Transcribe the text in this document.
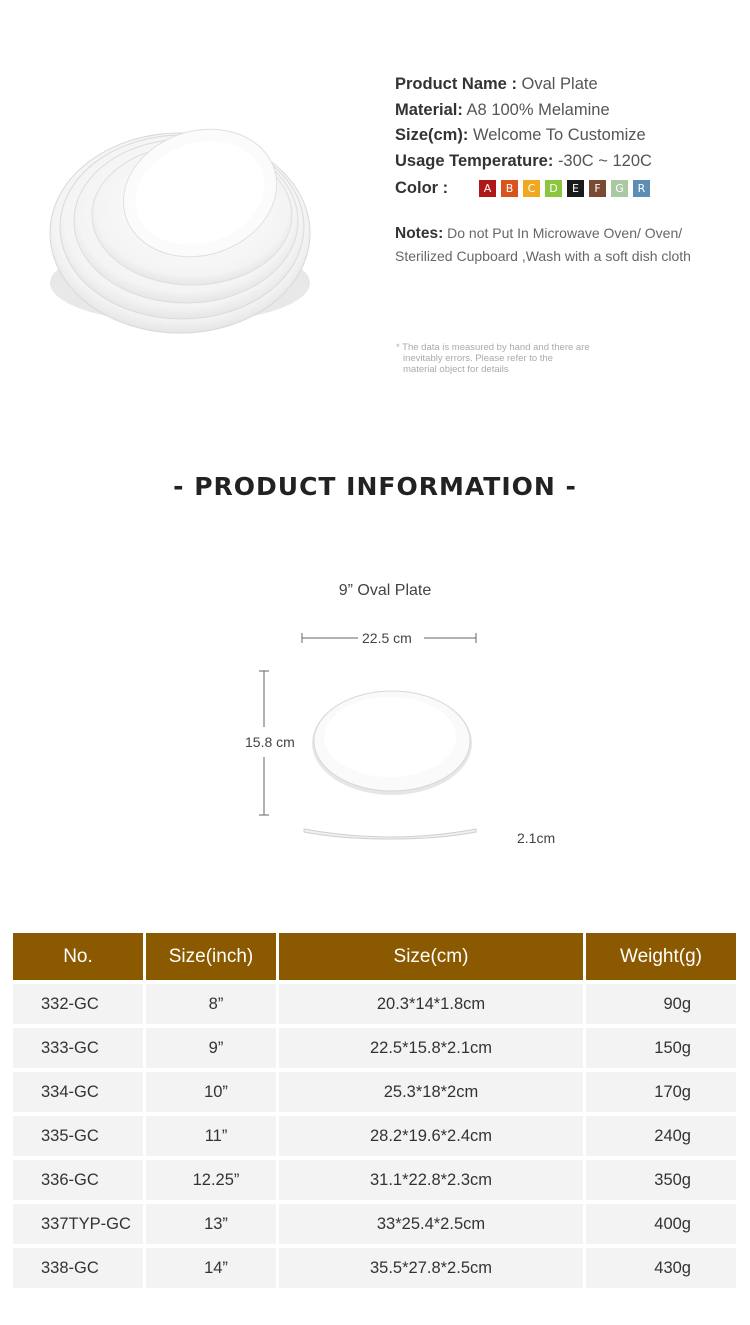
Product Name : Oval Plate
Material: A8 100% Melamine
Size(cm): Welcome To Customize
Usage Temperature: -30C ~ 120C
Color :	A	B	C	D	E	F	G	R
Notes: Do not Put In Microwave Oven/ Oven/ Sterilized Cupboard ,Wash with a soft dish cloth
* The data is measured by hand and there are
inevitably errors. Please refer to the
material object for details
- PRODUCT INFORMATION -
9” Oval Plate
22.5 cm
15.8 cm
2.1cm
No.	Size(inch)	Size(cm)	Weight(g)
332-GC	8”	20.3*14*1.8cm	90g
333-GC	9”	22.5*15.8*2.1cm	150g
334-GC	10”	25.3*18*2cm	170g
335-GC	11”	28.2*19.6*2.4cm	240g
336-GC	12.25”	31.1*22.8*2.3cm	350g
337TYP-GC	13”	33*25.4*2.5cm	400g
338-GC	14”	35.5*27.8*2.5cm	430g
